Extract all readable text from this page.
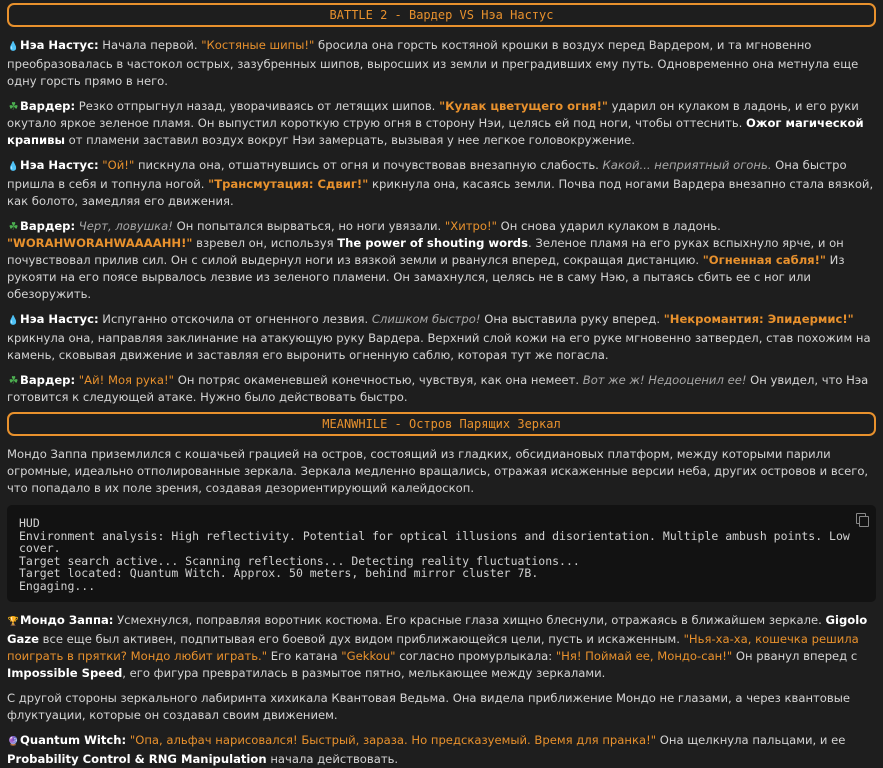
BATTLE 2 - Вардер VS Нэа Настус

💧Нэа Настус: Начала первой. "Костяные шипы!" бросила она горсть костяной крошки в воздух перед Вардером, и та мгновенно преобразовалась в частокол острых, зазубренных шипов, выросших из земли и преградивших ему путь. Одновременно она метнула еще одну горсть прямо в него.

☘ Вардер: Резко отпрыгнул назад, уворачиваясь от летящих шипов. "Кулак цветущего огня!" ударил он кулаком в ладонь, и его руки окутало яркое зеленое пламя. Он выпустил короткую струю огня в сторону Нэи, целясь ей под ноги, чтобы оттеснить. Ожог магической крапивы от пламени заставил воздух вокруг Нэи замерцать, вызывая у нее легкое головокружение.

💧Нэа Настус: "Ой!" пискнула она, отшатнувшись от огня и почувствовав внезапную слабость. Какой... неприятный огонь. Она быстро пришла в себя и топнула ногой. "Трансмутация: Сдвиг!" крикнула она, касаясь земли. Почва под ногами Вардера внезапно стала вязкой, как болото, замедляя его движения.

☘ Вардер: Черт, ловушка! Он попытался вырваться, но ноги увязали. "Хитро!" Он снова ударил кулаком в ладонь. "WORAHWORAHWAAAAHH!" взревел он, используя The power of shouting words. Зеленое пламя на его руках вспыхнуло ярче, и он почувствовал прилив сил. Он с силой выдернул ноги из вязкой земли и рванулся вперед, сокращая дистанцию. "Огненная сабля!" Из рукояти на его поясе вырвалось лезвие из зеленого пламени. Он замахнулся, целясь не в саму Нэю, а пытаясь сбить ее с ног или обезоружить.

💧Нэа Настус: Испуганно отскочила от огненного лезвия. Слишком быстро! Она выставила руку вперед. "Некромантия: Эпидермис!" крикнула она, направляя заклинание на атакующую руку Вардера. Верхний слой кожи на его руке мгновенно затвердел, став похожим на камень, сковывая движение и заставляя его выронить огненную саблю, которая тут же погасла.

☘ Вардер: "Ай! Моя рука!" Он потряс окаменевшей конечностью, чувствуя, как она немеет. Вот же ж! Недооценил ее! Он увидел, что Нэа готовится к следующей атаке. Нужно было действовать быстро.

MEANWHILE - Остров Парящих Зеркал

Мондо Заппа приземлился с кошачьей грацией на остров, состоящий из гладких, обсидиановых платформ, между которыми парили огромные, идеально отполированные зеркала. Зеркала медленно вращались, отражая искаженные версии неба, других островов и всего, что попадало в их поле зрения, создавая дезориентирующий калейдоскоп.

HUD
Environment analysis: High reflectivity. Potential for optical illusions and disorientation. Multiple ambush points. Low cover.
Target search active... Scanning reflections... Detecting reality fluctuations...
Target located: Quantum Witch. Approx. 50 meters, behind mirror cluster 7B.
Engaging...

🏆Мондо Заппа: Усмехнулся, поправляя воротник костюма. Его красные глаза хищно блеснули, отражаясь в ближайшем зеркале. Gigolo Gaze все еще был активен, подпитывая его боевой дух видом приближающейся цели, пусть и искаженным. "Нья-ха-ха, кошечка решила поиграть в прятки? Мондо любит играть." Его катана "Gekkou" согласно промурлыкала: "Ня! Поймай ее, Мондо-сан!" Он рванул вперед с Impossible Speed, его фигура превратилась в размытое пятно, мелькающее между зеркалами.

С другой стороны зеркального лабиринта хихикала Квантовая Ведьма. Она видела приближение Мондо не глазами, а через квантовые флуктуации, которые он создавал своим движением.

🔮Quantum Witch: "Опа, альфач нарисовался! Быстрый, зараза. Но предсказуемый. Время для пранка!" Она щелкнула пальцами, и ее Probability Control & RNG Manipulation начала действовать.
